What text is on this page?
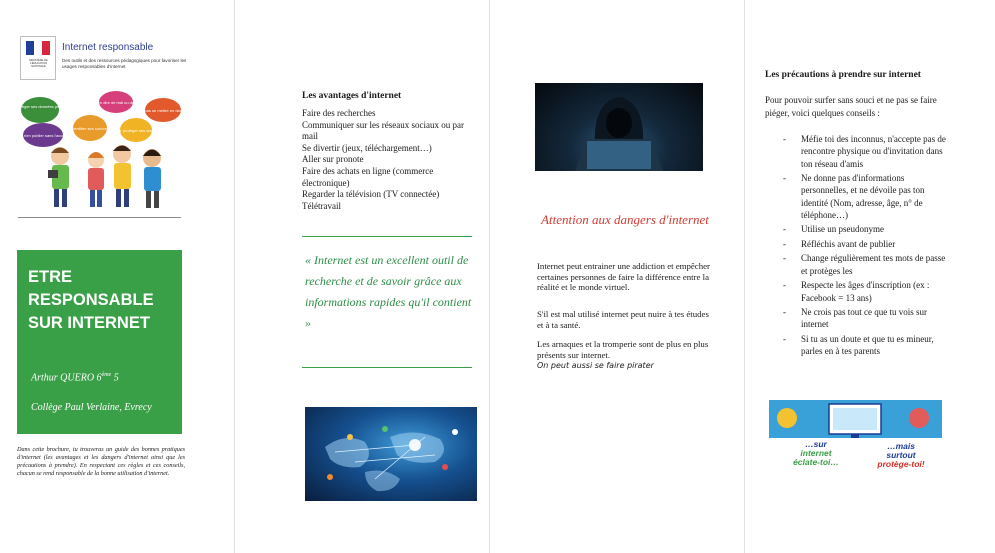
MINISTÈRE DE L'ÉDUCATION NATIONALE
Internet responsable
Des outils et des ressources pédagogiques pour favoriser les usages responsables d'internet
Savoir protéger ses données personnelles
Ne rien publier sans l'accord
Identifier ses sources
Ne rien dire de mal ou de faux
Savoir protéger ses données
Ne pas se mettre en danger
ETRE
RESPONSABLE
SUR INTERNET
Arthur QUERO 6ème 5
Collège Paul Verlaine, Evrecy

Dans cette brochure, tu trouveras un guide des bonnes pratiques d'internet (les avantages et les dangers d'internet ainsi que les précautions à prendre). En respectant ces règles et ces conseils, chacun se rend responsable de la bonne utilisation d'internet.

Les avantages d'internet
Faire des recherches
Communiquer sur les réseaux sociaux ou par mail
Se divertir (jeux, téléchargement…)
Aller sur pronote
Faire des achats en ligne (commerce électronique)
Regarder la télévision (TV connectée)
Télétravail

« Internet est un excellent outil de recherche et de savoir grâce aux informations rapides qu'il contient »

Attention aux dangers d'internet

Internet peut entrainer une addiction et empêcher certaines personnes de faire la différence entre la réalité et le monde virtuel.

S'il est mal utilisé internet peut nuire à tes études et à ta santé.

Les arnaques et la tromperie sont de plus en plus présents sur internet.

On peut aussi se faire pirater
Les précautions à prendre sur internet

Pour pouvoir surfer sans souci et ne pas se faire piéger, voici quelques conseils :

- Méfie toi des inconnus, n'accepte pas de rencontre physique ou d'invitation dans ton réseau d'amis
- Ne donne pas d'informations personnelles, et ne dévoile pas ton identité (Nom, adresse, âge, n° de téléphone…)
- Utilise un pseudonyme
- Réfléchis avant de publier
- Change régulièrement tes mots de passe et protèges les
- Respecte les âges d'inscription (ex : Facebook = 13 ans)
- Ne crois pas tout ce que tu vois sur internet
- Si tu as un doute et que tu es mineur, parles en à tes parents
…sur
internet
éclate-toi…
…mais
surtout
protège-toi!
